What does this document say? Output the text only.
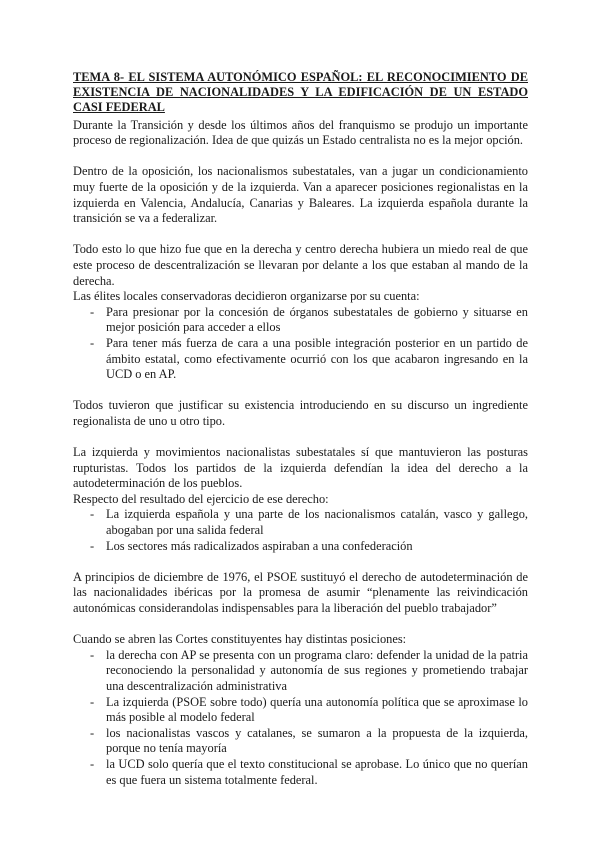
TEMA 8- EL SISTEMA AUTONÓMICO ESPAÑOL: EL RECONOCIMIENTO DE EXISTENCIA DE NACIONALIDADES Y LA EDIFICACIÓN DE UN ESTADO CASI FEDERAL

Durante la Transición y desde los últimos años del franquismo se produjo un importante proceso de regionalización. Idea de que quizás un Estado centralista no es la mejor opción.

Dentro de la oposición, los nacionalismos subestatales, van a jugar un condicionamiento muy fuerte de la oposición y de la izquierda. Van a aparecer posiciones regionalistas en la izquierda en Valencia, Andalucía, Canarias y Baleares. La izquierda española durante la transición se va a federalizar.

Todo esto lo que hizo fue que en la derecha y centro derecha hubiera un miedo real de que este proceso de descentralización se llevaran por delante a los que estaban al mando de la derecha.

Las élites locales conservadoras decidieron organizarse por su cuenta:

- Para presionar por la concesión de órganos subestatales de gobierno y situarse en mejor posición para acceder a ellos
- Para tener más fuerza de cara a una posible integración posterior en un partido de ámbito estatal, como efectivamente ocurrió con los que acabaron ingresando en la UCD o en AP.

Todos tuvieron que justificar su existencia introduciendo en su discurso un ingrediente regionalista de uno u otro tipo.

La izquierda y movimientos nacionalistas subestatales sí que mantuvieron las posturas rupturistas. Todos los partidos de la izquierda defendían la idea del derecho a la autodeterminación de los pueblos.

Respecto del resultado del ejercicio de ese derecho:

- La izquierda española y una parte de los nacionalismos catalán, vasco y gallego, abogaban por una salida federal
- Los sectores más radicalizados aspiraban a una confederación

A principios de diciembre de 1976, el PSOE sustituyó el derecho de autodeterminación de las nacionalidades ibéricas por la promesa de asumir “plenamente las reivindicación autonómicas considerandolas indispensables para la liberación del pueblo trabajador”

Cuando se abren las Cortes constituyentes hay distintas posiciones:

- la derecha con AP se presenta con un programa claro: defender la unidad de la patria reconociendo la personalidad y autonomía de sus regiones y prometiendo trabajar una descentralización administrativa
- La izquierda (PSOE sobre todo) quería una autonomía política que se aproximase lo más posible al modelo federal
- los nacionalistas vascos y catalanes, se sumaron a la propuesta de la izquierda, porque no tenía mayoría
- la UCD solo quería que el texto constitucional se aprobase. Lo único que no querían es que fuera un sistema totalmente federal.
